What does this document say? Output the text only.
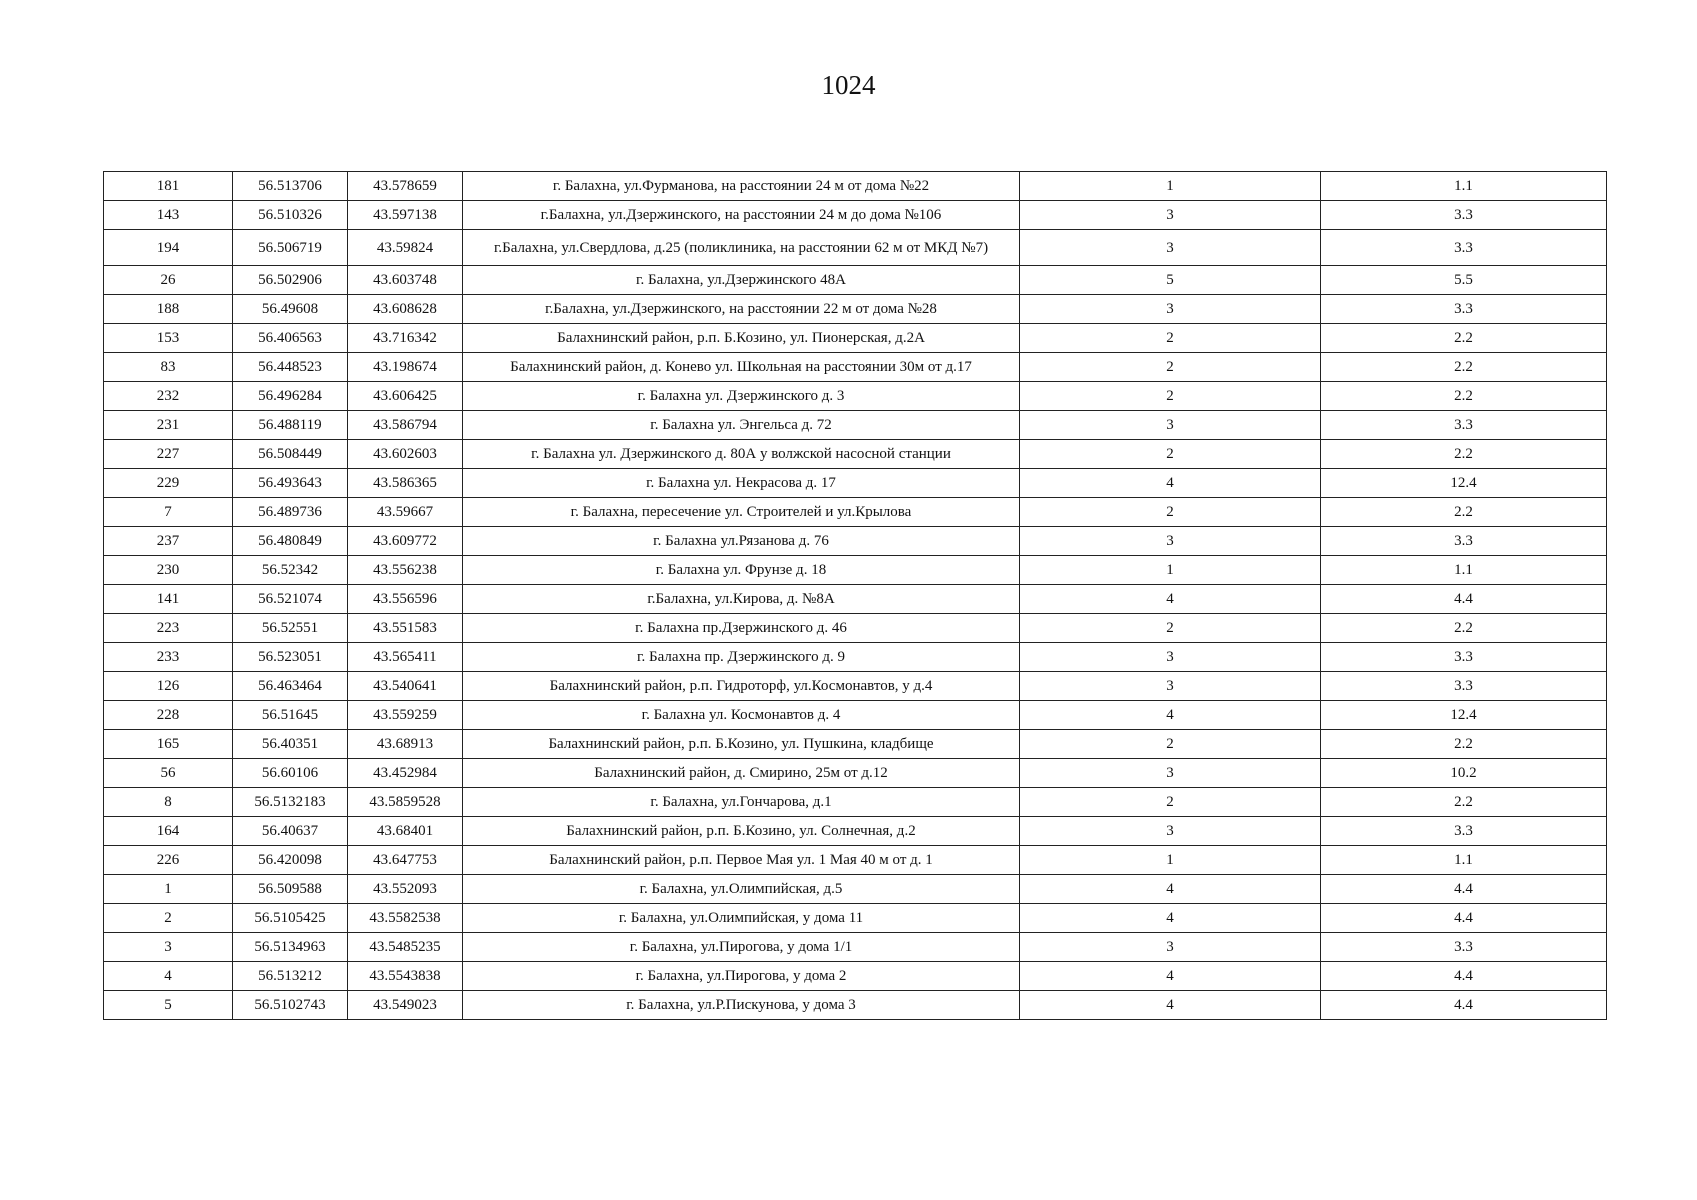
1024
181	56.513706	43.578659	г. Балахна, ул.Фурманова, на расстоянии 24 м от дома №22	1	1.1
143	56.510326	43.597138	г.Балахна, ул.Дзержинского, на расстоянии 24 м до дома №106	3	3.3
194	56.506719	43.59824	г.Балахна, ул.Свердлова, д.25 (поликлиника, на расстоянии 62 м от МКД №7)	3	3.3
26	56.502906	43.603748	г. Балахна, ул.Дзержинского 48А	5	5.5
188	56.49608	43.608628	г.Балахна, ул.Дзержинского, на расстоянии 22 м от дома №28	3	3.3
153	56.406563	43.716342	Балахнинский район, р.п. Б.Козино, ул. Пионерская, д.2А	2	2.2
83	56.448523	43.198674	Балахнинский район, д. Конево ул. Школьная на расстоянии 30м от д.17	2	2.2
232	56.496284	43.606425	г. Балахна ул. Дзержинского д. 3	2	2.2
231	56.488119	43.586794	г. Балахна ул. Энгельса д. 72	3	3.3
227	56.508449	43.602603	г. Балахна ул. Дзержинского д. 80А у волжской насосной станции	2	2.2
229	56.493643	43.586365	г. Балахна ул. Некрасова д. 17	4	12.4
7	56.489736	43.59667	г. Балахна, пересечение ул. Строителей и ул.Крылова	2	2.2
237	56.480849	43.609772	г. Балахна ул.Рязанова д. 76	3	3.3
230	56.52342	43.556238	г. Балахна ул. Фрунзе д. 18	1	1.1
141	56.521074	43.556596	г.Балахна, ул.Кирова, д. №8А	4	4.4
223	56.52551	43.551583	г. Балахна пр.Дзержинского д. 46	2	2.2
233	56.523051	43.565411	г. Балахна пр. Дзержинского д. 9	3	3.3
126	56.463464	43.540641	Балахнинский район, р.п. Гидроторф, ул.Космонавтов, у д.4	3	3.3
228	56.51645	43.559259	г. Балахна ул. Космонавтов д. 4	4	12.4
165	56.40351	43.68913	Балахнинский район, р.п. Б.Козино, ул. Пушкина, кладбище	2	2.2
56	56.60106	43.452984	Балахнинский район, д. Смирино, 25м от д.12	3	10.2
8	56.5132183	43.5859528	г. Балахна, ул.Гончарова, д.1	2	2.2
164	56.40637	43.68401	Балахнинский район, р.п. Б.Козино, ул. Солнечная, д.2	3	3.3
226	56.420098	43.647753	Балахнинский район, р.п. Первое Мая ул. 1 Мая 40 м от д. 1	1	1.1
1	56.509588	43.552093	г. Балахна, ул.Олимпийская, д.5	4	4.4
2	56.5105425	43.5582538	г. Балахна, ул.Олимпийская, у дома 11	4	4.4
3	56.5134963	43.5485235	г. Балахна, ул.Пирогова, у дома 1/1	3	3.3
4	56.513212	43.5543838	г. Балахна, ул.Пирогова, у дома 2	4	4.4
5	56.5102743	43.549023	г. Балахна, ул.Р.Пискунова, у дома 3	4	4.4
